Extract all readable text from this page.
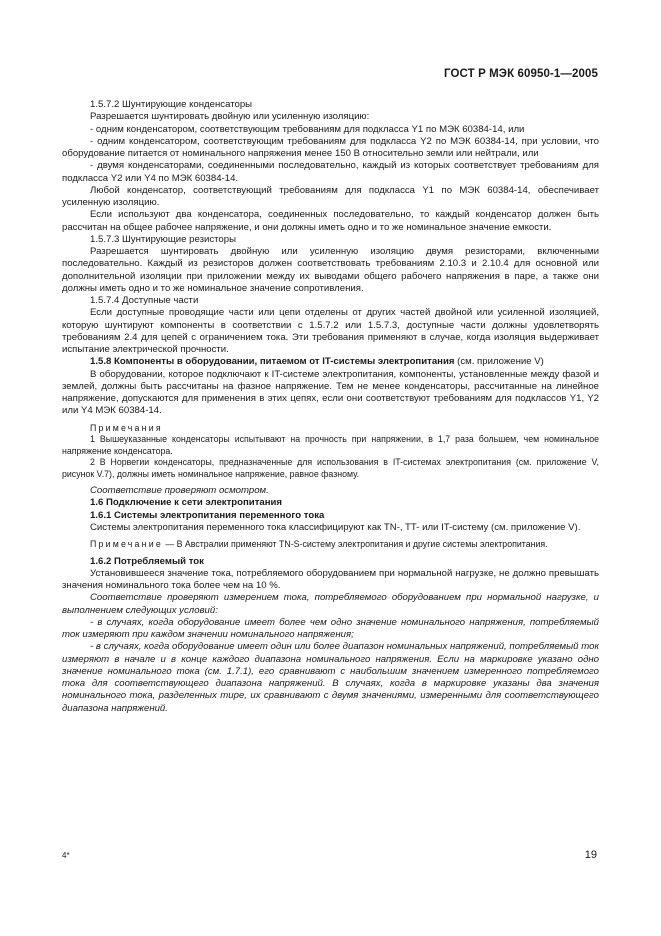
ГОСТ Р МЭК 60950-1—2005

1.5.7.2 Шунтирующие конденсаторы

Разрешается шунтировать двойную или усиленную изоляцию:

- одним конденсатором, соответствующим требованиям для подкласса Y1 по МЭК 60384-14, или

- одним конденсатором, соответствующим требованиям для подкласса Y2 по МЭК 60384-14, при условии, что оборудование питается от номинального напряжения менее 150 В относительно земли или нейтрали, или

- двумя конденсаторами, соединенными последовательно, каждый из которых соответствует требованиям для подкласса Y2 или Y4 по МЭК 60384-14.

Любой конденсатор, соответствующий требованиям для подкласса Y1 по МЭК 60384-14, обеспечивает усиленную изоляцию.

Если используют два конденсатора, соединенных последовательно, то каждый конденсатор должен быть рассчитан на общее рабочее напряжение, и они должны иметь одно и то же номинальное значение емкости.

1.5.7.3 Шунтирующие резисторы

Разрешается шунтировать двойную или усиленную изоляцию двумя резисторами, включенными последовательно. Каждый из резисторов должен соответствовать требованиям 2.10.3 и 2.10.4 для основной или дополнительной изоляции при приложении между их выводами общего рабочего напряжения в паре, а также они должны иметь одно и то же номинальное значение сопротивления.

1.5.7.4 Доступные части

Если доступные проводящие части или цепи отделены от других частей двойной или усиленной изоляцией, которую шунтируют компоненты в соответствии с 1.5.7.2 или 1.5.7.3, доступные части должны удовлетворять требованиям 2.4 для цепей с ограничением тока. Эти требования применяют в случае, когда изоляция выдерживает испытание электрической прочности.

1.5.8 Компоненты в оборудовании, питаемом от IT-системы электропитания (см. приложение V)

В оборудовании, которое подключают к IT-системе электропитания, компоненты, установленные между фазой и землей, должны быть рассчитаны на фазное напряжение. Тем не менее конденсаторы, рассчитанные на линейное напряжение, допускаются для применения в этих цепях, если они соответствуют требованиям для подклассов Y1, Y2 или Y4 МЭК 60384-14.

Примечания

1 Вышеуказанные конденсаторы испытывают на прочность при напряжении, в 1,7 раза большем, чем номинальное напряжение конденсатора.

2 В Норвегии конденсаторы, предназначенные для использования в IT-системах электропитания (см. приложение V, рисунок V.7), должны иметь номинальное напряжение, равное фазному.

Соответствие проверяют осмотром.

1.6 Подключение к сети электропитания

1.6.1 Системы электропитания переменного тока

Системы электропитания переменного тока классифицируют как TN-, TT- или IT-систему (см. приложение V).

Примечание — В Австралии применяют TN-S-систему электропитания и другие системы электропитания.

1.6.2 Потребляемый ток

Установившееся значение тока, потребляемого оборудованием при нормальной нагрузке, не должно превышать значения номинального тока более чем на 10 %.

Соответствие проверяют измерением тока, потребляемого оборудованием при нормальной нагрузке, и выполнением следующих условий:

- в случаях, когда оборудование имеет более чем одно значение номинального напряжения, потребляемый ток измеряют при каждом значении номинального напряжения;

- в случаях, когда оборудование имеет один или более диапазон номинальных напряжений, потребляемый ток измеряют в начале и в конце каждого диапазона номинального напряжения. Если на маркировке указано одно значение номинального тока (см. 1.7.1), его сравнивают с наибольшим значением измеренного потребляемого тока для соответствующего диапазона напряжений. В случаях, когда в маркировке указаны два значения номинального тока, разделенных тире, их сравнивают с двумя значениями, измеренными для соответствующего диапазона напряжений.

4*	19
